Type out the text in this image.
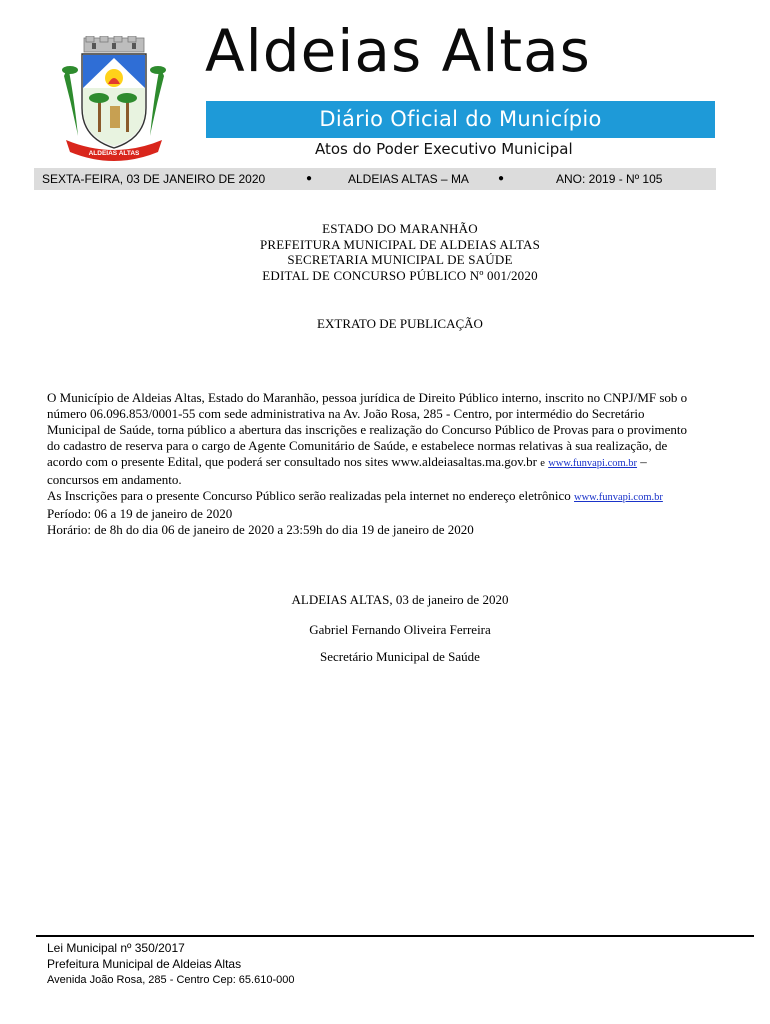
ALDEIAS ALTAS
Aldeias Altas
Diário Oficial do Município
Atos do Poder Executivo Municipal
SEXTA-FEIRA, 03 DE JANEIRO DE 2020	●	ALDEIAS ALTAS – MA	●	ANO: 2019 - Nº 105
ESTADO DO MARANHÃO
PREFEITURA MUNICIPAL DE ALDEIAS ALTAS
SECRETARIA MUNICIPAL DE SAÚDE
EDITAL DE CONCURSO PÚBLICO Nº 001/2020
EXTRATO DE PUBLICAÇÃO
O Município de Aldeias Altas, Estado do Maranhão, pessoa jurídica de Direito Público interno, inscrito no CNPJ/MF sob o
número 06.096.853/0001-55 com sede administrativa na Av. João Rosa, 285 - Centro, por intermédio do Secretário
Municipal de Saúde, torna público a abertura das inscrições e realização do Concurso Público de Provas para o provimento
do cadastro de reserva para o cargo de Agente Comunitário de Saúde, e estabelece normas relativas à sua realização, de
acordo com o presente Edital, que poderá ser consultado nos sites www.aldeiasaltas.ma.gov.br e www.funvapi.com.br –
concursos em andamento.
As Inscrições para o presente Concurso Público serão realizadas pela internet no endereço eletrônico www.funvapi.com.br
Período: 06 a 19 de janeiro de 2020
Horário: de 8h do dia 06 de janeiro de 2020 a 23:59h do dia 19 de janeiro de 2020
ALDEIAS ALTAS, 03 de janeiro de 2020
Gabriel Fernando Oliveira Ferreira
Secretário Municipal de Saúde
Lei Municipal nº 350/2017
Prefeitura Municipal de Aldeias Altas
Avenida João Rosa, 285 - Centro Cep: 65.610-000
